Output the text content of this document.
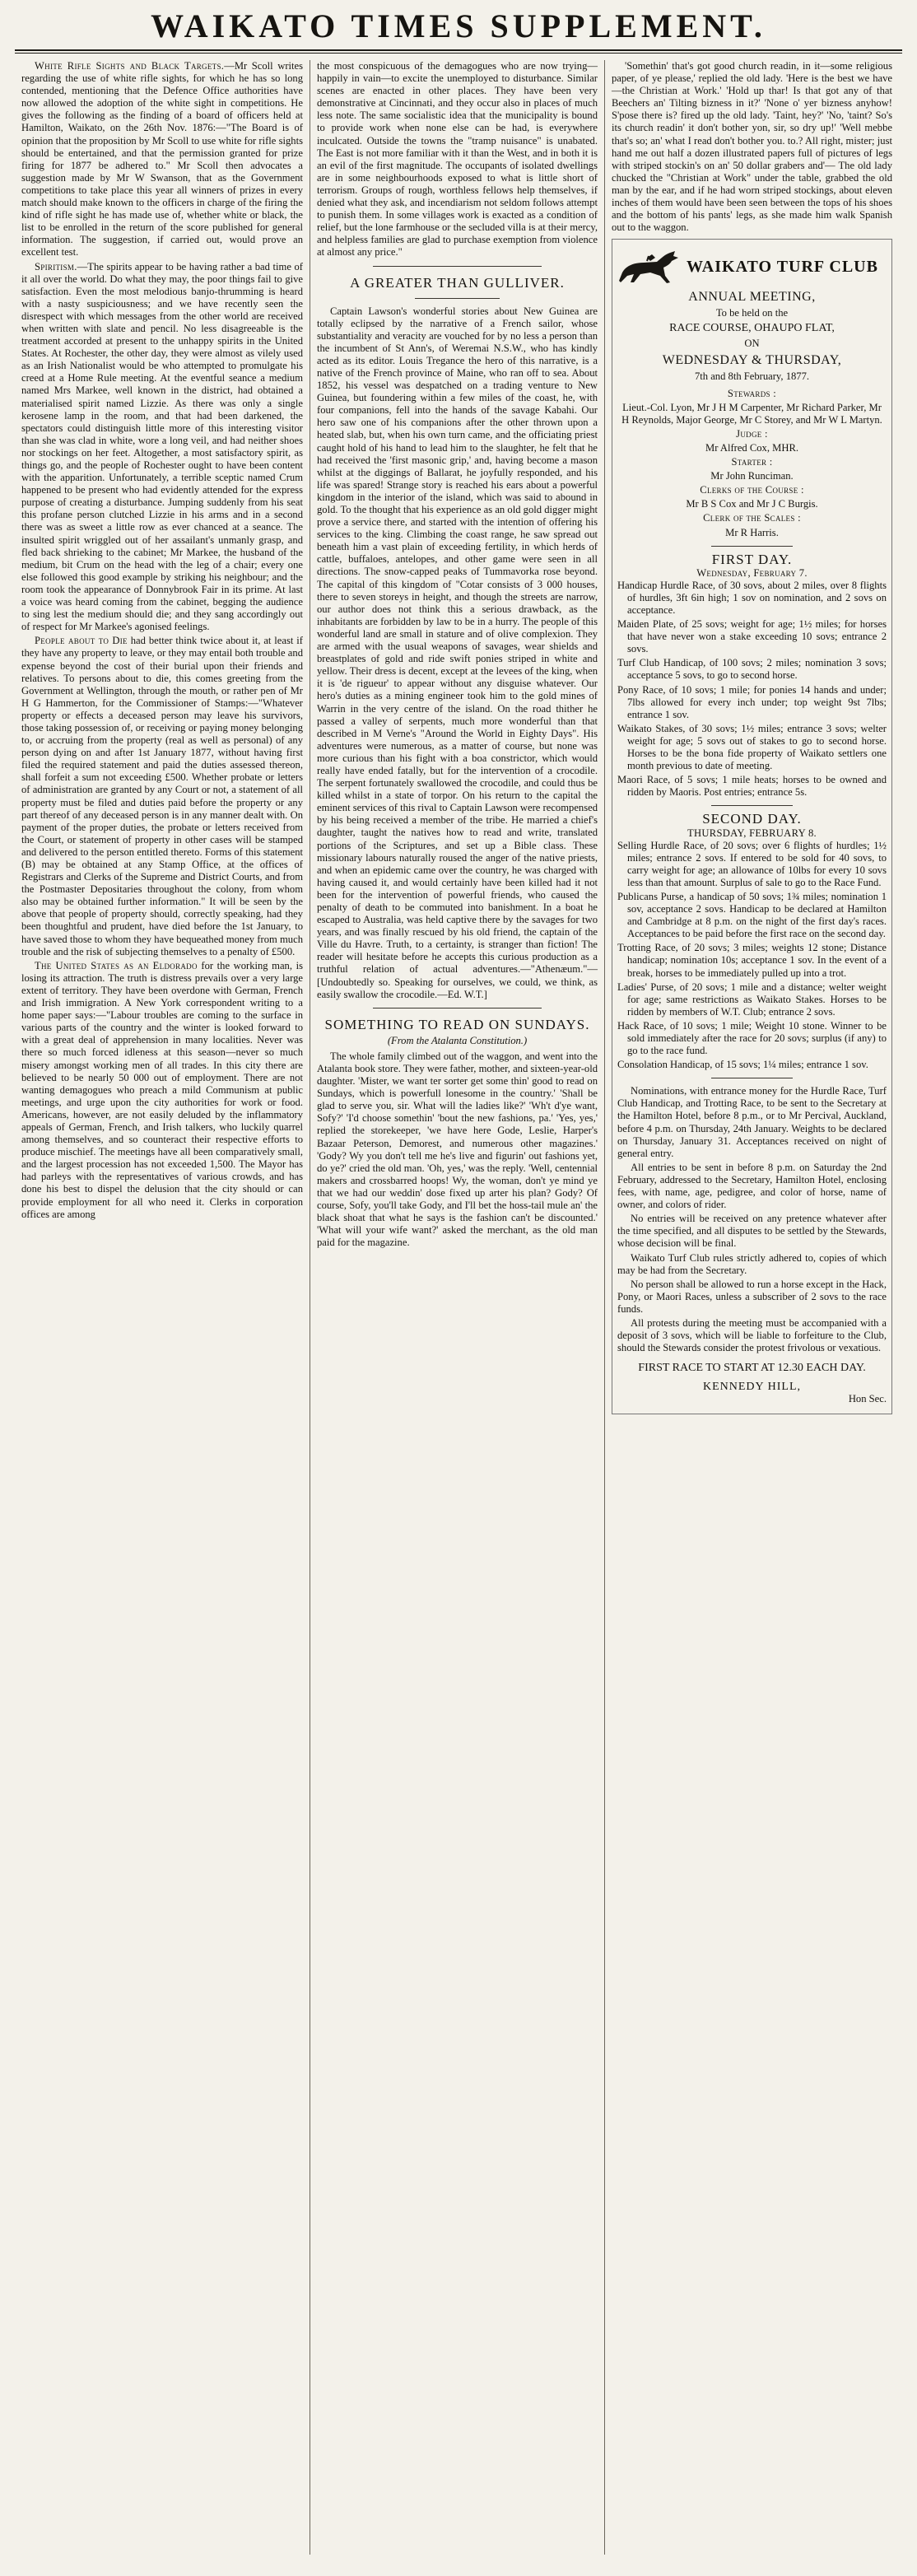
WAIKATO TIMES SUPPLEMENT.

White Rifle Sights and Black Targets.—Mr Scoll writes regarding the use of white rifle sights, for which he has so long contended, mentioning that the Defence Office authorities have now allowed the adoption of the white sight in competitions. He gives the following as the finding of a board of officers held at Hamilton, Waikato, on the 26th Nov. 1876:—"The Board is of opinion that the proposition by Mr Scoll to use white for rifle sights should be entertained, and that the permission granted for prize firing for 1877 be adhered to." Mr Scoll then advocates a suggestion made by Mr W Swanson, that as the Government competitions to take place this year all winners of prizes in every match should make known to the officers in charge of the firing the kind of rifle sight he has made use of, whether white or black, the list to be enrolled in the return of the score published for general information. The suggestion, if carried out, would prove an excellent test.

Spiritism.—The spirits appear to be having rather a bad time of it all over the world. Do what they may, the poor things fail to give satisfaction. Even the most melodious banjo-thrumming is heard with a nasty suspiciousness; and we have recently seen the disrespect with which messages from the other world are received when written with slate and pencil. No less disagreeable is the treatment accorded at present to the unhappy spirits in the United States. At Rochester, the other day, they were almost as vilely used as an Irish Nationalist would be who attempted to promulgate his creed at a Home Rule meeting. At the eventful seance a medium named Mrs Markee, well known in the district, had obtained a materialised spirit named Lizzie. As there was only a single kerosene lamp in the room, and that had been darkened, the spectators could distinguish little more of this interesting visitor than she was clad in white, wore a long veil, and had neither shoes nor stockings on her feet. Altogether, a most satisfactory spirit, as things go, and the people of Rochester ought to have been content with the apparition. Unfortunately, a terrible sceptic named Crum happened to be present who had evidently attended for the express purpose of creating a disturbance. Jumping suddenly from his seat this profane person clutched Lizzie in his arms and in a second there was as sweet a little row as ever chanced at a seance. The insulted spirit wriggled out of her assailant's unmanly grasp, and fled back shrieking to the cabinet; Mr Markee, the husband of the medium, bit Crum on the head with the leg of a chair; every one else followed this good example by striking his neighbour; and the room took the appearance of Donnybrook Fair in its prime. At last a voice was heard coming from the cabinet, begging the audience to sing lest the medium should die; and they sang accordingly out of respect for Mr Markee's agonised feelings.

People about to Die had better think twice about it, at least if they have any property to leave, or they may entail both trouble and expense beyond the cost of their burial upon their friends and relatives. To persons about to die, this comes greeting from the Government at Wellington, through the mouth, or rather pen of Mr H G Hammerton, for the Commissioner of Stamps:—"Whatever property or effects a deceased person may leave his survivors, those taking possession of, or receiving or paying money belonging to, or accruing from the property (real as well as personal) of any person dying on and after 1st January 1877, without having first filed the required statement and paid the duties assessed thereon, shall forfeit a sum not exceeding £500. Whether probate or letters of administration are granted by any Court or not, a statement of all property must be filed and duties paid before the property or any part thereof of any deceased person is in any manner dealt with. On payment of the proper duties, the probate or letters received from the Court, or statement of property in other cases will be stamped and delivered to the person entitled thereto. Forms of this statement (B) may be obtained at any Stamp Office, at the offices of Registrars and Clerks of the Supreme and District Courts, and from the Postmaster Depositaries throughout the colony, from whom also may be obtained further information." It will be seen by the above that people of property should, correctly speaking, had they been thoughtful and prudent, have died before the 1st January, to have saved those to whom they have bequeathed money from much trouble and the risk of subjecting themselves to a penalty of £500.

The United States as an Eldorado for the working man, is losing its attraction. The truth is distress prevails over a very large extent of territory. They have been overdone with German, French and Irish immigration. A New York correspondent writing to a home paper says:—"Labour troubles are coming to the surface in various parts of the country and the winter is looked forward to with a great deal of apprehension in many localities. Never was there so much forced idleness at this season—never so much misery amongst working men of all trades. In this city there are believed to be nearly 50 000 out of employment. There are not wanting demagogues who preach a mild Communism at public meetings, and urge upon the city authorities for work or food. Americans, however, are not easily deluded by the inflammatory appeals of German, French, and Irish talkers, who luckily quarrel among themselves, and so counteract their respective efforts to produce mischief. The meetings have all been comparatively small, and the largest procession has not exceeded 1,500. The Mayor has had parleys with the representatives of various crowds, and has done his best to dispel the delusion that the city should or can provide employment for all who need it. Clerks in corporation offices are among

the most conspicuous of the demagogues who are now trying—happily in vain—to excite the unemployed to disturbance. Similar scenes are enacted in other places. They have been very demonstrative at Cincinnati, and they occur also in places of much less note. The same socialistic idea that the municipality is bound to provide work when none else can be had, is everywhere inculcated. Outside the towns the "tramp nuisance" is unabated. The East is not more familiar with it than the West, and in both it is an evil of the first magnitude. The occupants of isolated dwellings are in some neighbourhoods exposed to what is little short of terrorism. Groups of rough, worthless fellows help themselves, if denied what they ask, and incendiarism not seldom follows attempt to punish them. In some villages work is exacted as a condition of relief, but the lone farmhouse or the secluded villa is at their mercy, and helpless families are glad to purchase exemption from violence at almost any price."

A GREATER THAN GULLIVER.

Captain Lawson's wonderful stories about New Guinea are totally eclipsed by the narrative of a French sailor, whose substantiality and veracity are vouched for by no less a person than the incumbent of St Ann's, of Weremai N.S.W., who has kindly acted as its editor. Louis Tregance the hero of this narrative, is a native of the French province of Maine, who ran off to sea. About 1852, his vessel was despatched on a trading venture to New Guinea, but foundering within a few miles of the coast, he, with four companions, fell into the hands of the savage Kabahi. Our hero saw one of his companions after the other thrown upon a heated slab, but, when his own turn came, and the officiating priest caught hold of his hand to lead him to the slaughter, he felt that he had received the 'first masonic grip,' and, having become a mason whilst at the diggings of Ballarat, he joyfully responded, and his life was spared! Strange story is reached his ears about a powerful kingdom in the interior of the island, which was said to abound in gold. To the thought that his experience as an old gold digger might prove a service there, and started with the intention of offering his services to the king. Climbing the coast range, he saw spread out beneath him a vast plain of exceeding fertility, in which herds of cattle, buffaloes, antelopes, and other game were seen in all directions. The snow-capped peaks of Tummavorka rose beyond. The capital of this kingdom of "Cotar consists of 3 000 houses, there to seven storeys in height, and though the streets are narrow, our author does not think this a serious drawback, as the inhabitants are forbidden by law to be in a hurry. The people of this wonderful land are small in stature and of olive complexion. They are armed with the usual weapons of savages, wear shields and breastplates of gold and ride swift ponies striped in white and yellow. Their dress is decent, except at the levees of the king, when it is 'de rigueur' to appear without any disguise whatever. Our hero's duties as a mining engineer took him to the gold mines of Warrin in the very centre of the island. On the road thither he passed a valley of serpents, much more wonderful than that described in M Verne's "Around the World in Eighty Days". His adventures were numerous, as a matter of course, but none was more curious than his fight with a boa constrictor, which would really have ended fatally, but for the intervention of a crocodile. The serpent fortunately swallowed the crocodile, and could thus be killed whilst in a state of torpor. On his return to the capital the eminent services of this rival to Captain Lawson were recompensed by his being received a member of the tribe. He married a chief's daughter, taught the natives how to read and write, translated portions of the Scriptures, and set up a Bible class. These missionary labours naturally roused the anger of the native priests, and when an epidemic came over the country, he was charged with having caused it, and would certainly have been killed had it not been for the intervention of powerful friends, who caused the penalty of death to be commuted into banishment. In a boat he escaped to Australia, was held captive there by the savages for two years, and was finally rescued by his old friend, the captain of the Ville du Havre. Truth, to a certainty, is stranger than fiction! The reader will hesitate before he accepts this curious production as a truthful relation of actual adventures.—"Athenæum."—[Undoubtedly so. Speaking for ourselves, we could, we think, as easily swallow the crocodile.—Ed. W.T.]

SOMETHING TO READ ON SUNDAYS.
(From the Atalanta Constitution.)

The whole family climbed out of the waggon, and went into the Atalanta book store. They were father, mother, and sixteen-year-old daughter. 'Mister, we want ter sorter get some thin' good to read on Sundays, which is powerfull lonesome in the country.' 'Shall be glad to serve you, sir. What will the ladies like?' 'Wh't d'ye want, Sofy?' 'I'd choose somethin' 'bout the new fashions, pa.' 'Yes, yes,' replied the storekeeper, 'we have here Gode, Leslie, Harper's Bazaar Peterson, Demorest, and numerous other magazines.' 'Gody? Wy you don't tell me he's live and figurin' out fashions yet, do ye?' cried the old man. 'Oh, yes,' was the reply. 'Well, centennial makers and crossbarred hoops! Wy, the woman, don't ye mind ye that we had our weddin' dose fixed up arter his plan? Gody? Of course, Sofy, you'll take Gody, and I'll bet the hoss-tail mule an' the black shoat that what he says is the fashion can't be discounted.' 'What will your wife want?' asked the merchant, as the old man paid for the magazine.

'Somethin' that's got good church readin, in it—some religious paper, of ye please,' replied the old lady. 'Here is the best we have—the Christian at Work.' 'Hold up thar! Is that got any of that Beechers an' Tilting bizness in it?' 'None o' yer bizness anyhow! S'pose there is? fired up the old lady. 'Taint, hey?' 'No, 'taint? So's its church readin' it don't bother yon, sir, so dry up!' 'Well mebbe that's so; an' what I read don't bother you. to.? All right, mister; just hand me out half a dozen illustrated papers full of pictures of legs with striped stockin's on an' 50 dollar grabers and'— The old lady chucked the "Christian at Work" under the table, grabbed the old man by the ear, and if he had worn striped stockings, about eleven inches of them would have been seen between the tops of his shoes and the bottom of his pants' legs, as she made him walk Spanish out to the waggon.

WAIKATO TURF CLUB

ANNUAL MEETING,

To be held on the

RACE COURSE, OHAUPO FLAT,

ON

WEDNESDAY & THURSDAY,

7th and 8th February, 1877.

Stewards :

Lieut.-Col. Lyon, Mr J H M Carpenter, Mr Richard Parker, Mr H Reynolds, Major George, Mr C Storey, and Mr W L Martyn.

Judge :

Mr Alfred Cox, MHR.

Starter :

Mr John Runciman.

Clerks of the Course :

Mr B S Cox and Mr J C Burgis.

Clerk of the Scales :

Mr R Harris.

FIRST DAY.

Wednesday, February 7.

Handicap Hurdle Race, of 30 sovs, about 2 miles, over 8 flights of hurdles, 3ft 6in high; 1 sov on nomination, and 2 sovs on acceptance.

Maiden Plate, of 25 sovs; weight for age; 1½ miles; for horses that have never won a stake exceeding 10 sovs; entrance 2 sovs.

Turf Club Handicap, of 100 sovs; 2 miles; nomination 3 sovs; acceptance 5 sovs, to go to second horse.

Pony Race, of 10 sovs; 1 mile; for ponies 14 hands and under; 7lbs allowed for every inch under; top weight 9st 7lbs; entrance 1 sov.

Waikato Stakes, of 30 sovs; 1½ miles; entrance 3 sovs; welter weight for age; 5 sovs out of stakes to go to second horse. Horses to be the bona fide property of Waikato settlers one month previous to date of meeting.

Maori Race, of 5 sovs; 1 mile heats; horses to be owned and ridden by Maoris. Post entries; entrance 5s.

SECOND DAY.

THURSDAY, FEBRUARY 8.

Selling Hurdle Race, of 20 sovs; over 6 flights of hurdles; 1½ miles; entrance 2 sovs. If entered to be sold for 40 sovs, to carry weight for age; an allowance of 10lbs for every 10 sovs less than that amount. Surplus of sale to go to the Race Fund.

Publicans Purse, a handicap of 50 sovs; 1¾ miles; nomination 1 sov, acceptance 2 sovs. Handicap to be declared at Hamilton and Cambridge at 8 p.m. on the night of the first day's races. Acceptances to be paid before the first race on the second day.

Trotting Race, of 20 sovs; 3 miles; weights 12 stone; Distance handicap; nomination 10s; acceptance 1 sov. In the event of a break, horses to be immediately pulled up into a trot.

Ladies' Purse, of 20 sovs; 1 mile and a distance; welter weight for age; same restrictions as Waikato Stakes. Horses to be ridden by members of W.T. Club; entrance 2 sovs.

Hack Race, of 10 sovs; 1 mile; Weight 10 stone. Winner to be sold immediately after the race for 20 sovs; surplus (if any) to go to the race fund.

Consolation Handicap, of 15 sovs; 1¼ miles; entrance 1 sov.

Nominations, with entrance money for the Hurdle Race, Turf Club Handicap, and Trotting Race, to be sent to the Secretary at the Hamilton Hotel, before 8 p.m., or to Mr Percival, Auckland, before 4 p.m. on Thursday, 24th January. Weights to be declared on Thursday, January 31. Acceptances received on night of general entry.

All entries to be sent in before 8 p.m. on Saturday the 2nd February, addressed to the Secretary, Hamilton Hotel, enclosing fees, with name, age, pedigree, and color of horse, name of owner, and colors of rider.

No entries will be received on any pretence whatever after the time specified, and all disputes to be settled by the Stewards, whose decision will be final.

Waikato Turf Club rules strictly adhered to, copies of which may be had from the Secretary.

No person shall be allowed to run a horse except in the Hack, Pony, or Maori Races, unless a subscriber of 2 sovs to the race funds.

All protests during the meeting must be accompanied with a deposit of 3 sovs, which will be liable to forfeiture to the Club, should the Stewards consider the protest frivolous or vexatious.

FIRST RACE TO START AT 12.30 EACH DAY.

KENNEDY HILL,
Hon Sec.
